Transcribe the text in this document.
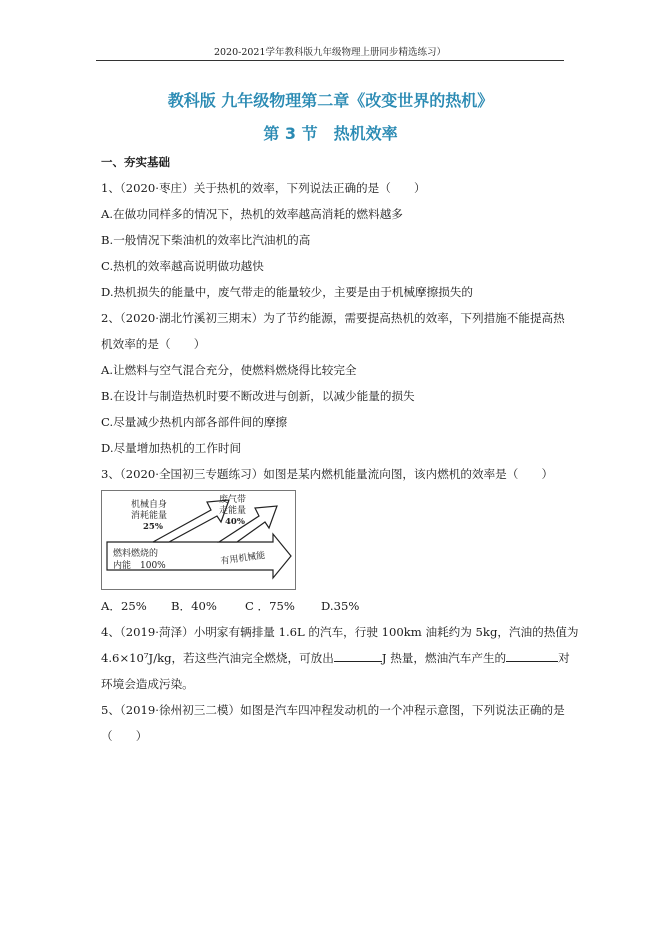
2020-2021学年教科版九年级物理上册同步精选练习）
教科版 九年级物理第二章《改变世界的热机》
第 3 节　热机效率
一、夯实基础
1、（2020·枣庄）关于热机的效率，下列说法正确的是（　　）
A.在做功同样多的情况下，热机的效率越高消耗的燃料越多
B.一般情况下柴油机的效率比汽油机的高
C.热机的效率越高说明做功越快
D.热机损失的能量中，废气带走的能量较少，主要是由于机械摩擦损失的
2、（2020·湖北竹溪初三期末）为了节约能源，需要提高热机的效率，下列措施不能提高热
机效率的是（　　）
A.让燃料与空气混合充分，使燃料燃烧得比较完全
B.在设计与制造热机时要不断改进与创新，以减少能量的损失
C.尽量减少热机内部各部件间的摩擦
D.尽量增加热机的工作时间
3、（2020·全国初三专题练习）如图是某内燃机能量流向图，该内燃机的效率是（　　）
机械自身
消耗能量
25%
废气带
走能量
40%
燃料燃烧的
内能　100%	有用机械能
A．25% B．40% C ．75% D.35%
4、（2019·菏泽）小明家有辆排量 1.6L 的汽车，行驶 100km 油耗约为 5kg，汽油的热值为
4.6×10⁷J/kg，若这些汽油完全燃烧，可放出	J 热量，燃油汽车产生的	对
环境会造成污染。
5、（2019·徐州初三二模）如图是汽车四冲程发动机的一个冲程示意图，下列说法正确的是
（　　）
